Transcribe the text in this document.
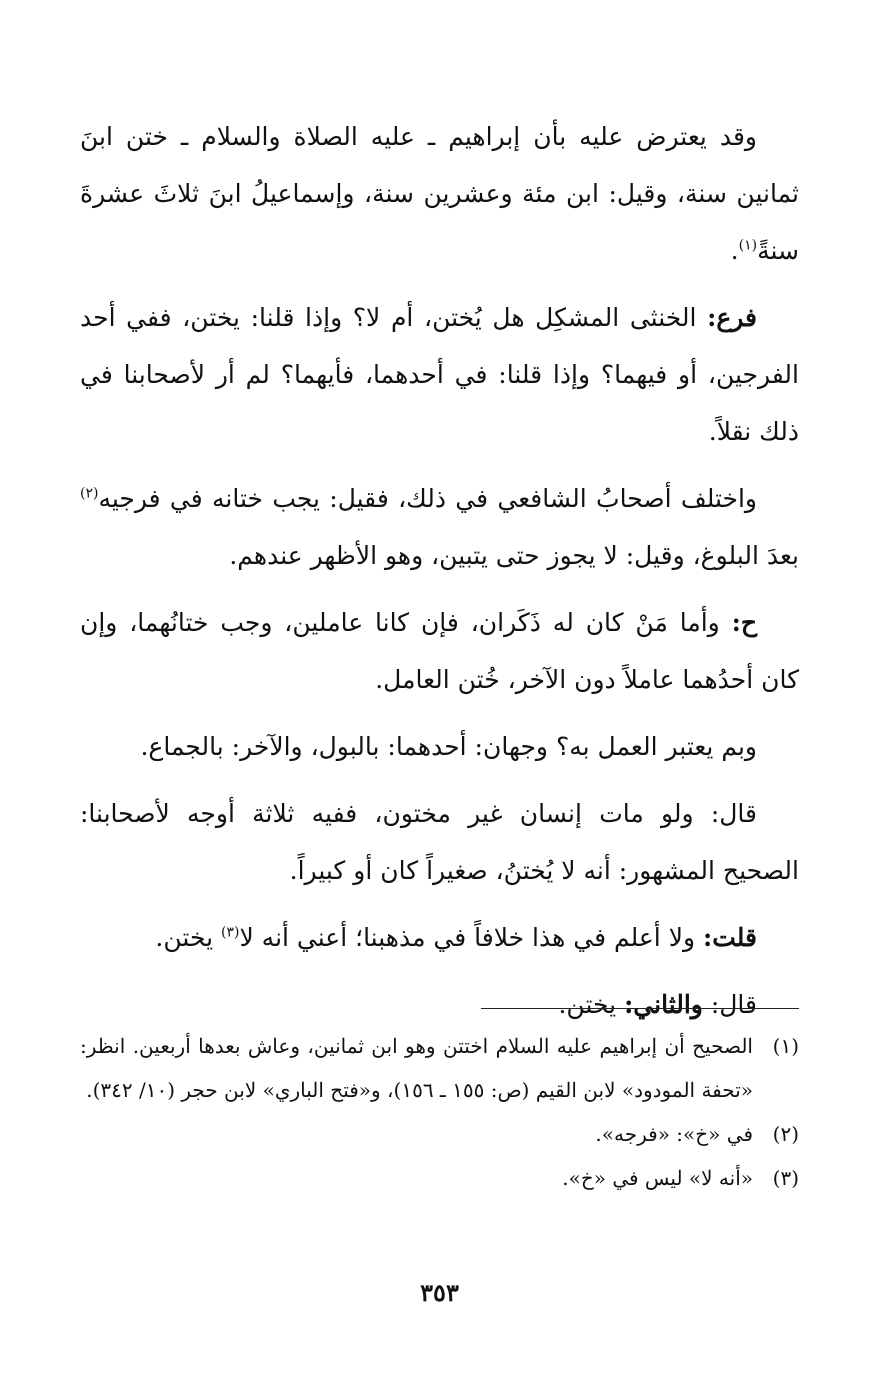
وقد يعترض عليه بأن إبراهيم ـ عليه الصلاة والسلام ـ ختن ابنَ ثمانين سنة، وقيل: ابن مئة وعشرين سنة، وإسماعيلُ ابنَ ثلاثَ عشرةَ سنةً$^{(١)}$.

فرع: الخنثى المشكِل هل يُختن، أم لا؟ وإذا قلنا: يختن، ففي أحد الفرجين، أو فيهما؟ وإذا قلنا: في أحدهما، فأيهما؟ لم أر لأصحابنا في ذلك نقلاً.

واختلف أصحابُ الشافعي في ذلك، فقيل: يجب ختانه في فرجيه$^{(٢)}$ بعدَ البلوغ، وقيل: لا يجوز حتى يتبين، وهو الأظهر عندهم.

ح: وأما مَنْ كان له ذَكَران، فإن كانا عاملين، وجب ختانُهما، وإن كان أحدُهما عاملاً دون الآخر، خُتن العامل.

وبم يعتبر العمل به؟ وجهان: أحدهما: بالبول، والآخر: بالجماع.

قال: ولو مات إنسان غير مختون، ففيه ثلاثة أوجه لأصحابنا: الصحيح المشهور: أنه لا يُختنُ، صغيراً كان أو كبيراً.

قلت: ولا أعلم في هذا خلافاً في مذهبنا؛ أعني أنه لا$^{(٣)}$ يختن.

قال: والثاني: يختن.

(١)
الصحيح أن إبراهيم عليه السلام اختتن وهو ابن ثمانين، وعاش بعدها أربعين. انظر: «تحفة المودود» لابن القيم (ص: ١٥٥ ـ ١٥٦)، و«فتح الباري» لابن حجر (١٠/ ٣٤٢).
(٢)
في «خ»: «فرجه».
(٣)
«أنه لا» ليس في «خ».
٣٥٣
